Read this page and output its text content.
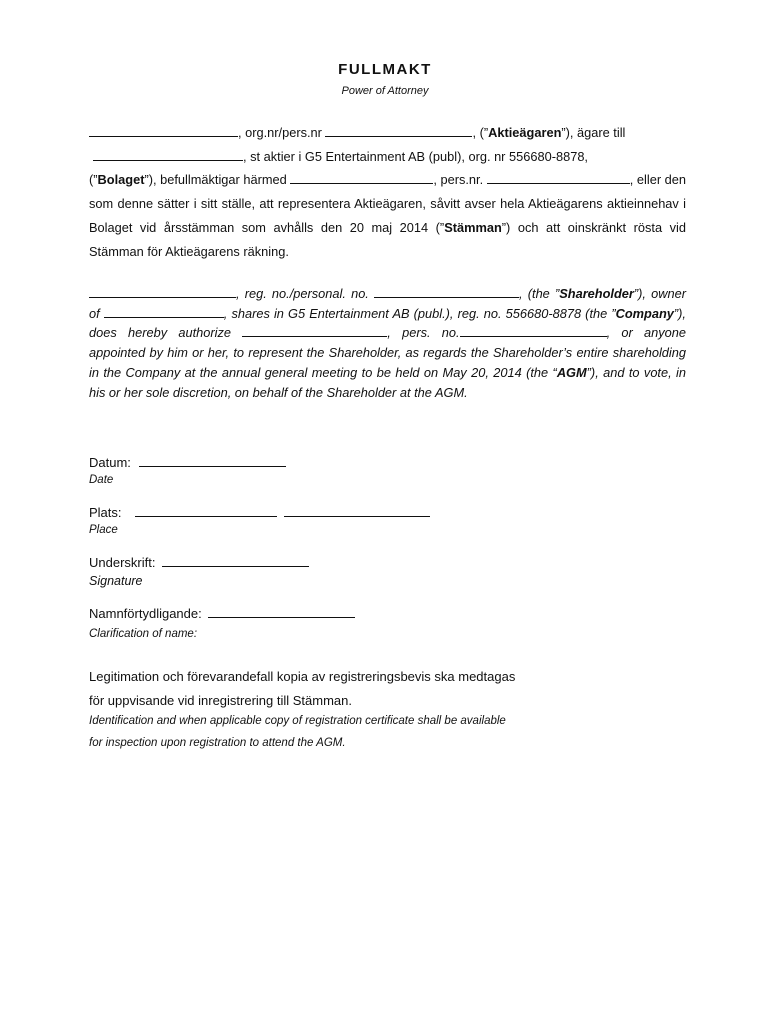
FULLMAKT
Power of Attorney

, org.nr/pers.nr	, (”Aktieägaren”), ägare till
, st aktier i G5 Entertainment AB (publ), org. nr 556680-8878,
(”Bolaget”), befullmäktigar härmed	, pers.nr.	, eller den som denne sätter i sitt ställe, att representera Aktieägaren, såvitt avser hela Aktieägarens aktieinnehav i Bolaget vid årsstämman som avhålls den 20 maj 2014 (”Stämman”) och att oinskränkt rösta vid Stämman för Aktieägarens räkning.

, reg. no./personal. no.	, (the ”Shareholder”), owner of	, shares in G5 Entertainment AB (publ.), reg. no. 556680-8878 (the ”Company”), does hereby authorize	, pers. no.	, or anyone appointed by him or her, to represent the Shareholder, as regards the Shareholder’s entire shareholding in the Company at the annual general meeting to be held on May 20, 2014 (the “AGM”), and to vote, in his or her sole discretion, on behalf of the Shareholder at the AGM.

Datum:
Date
Plats:
Place
Underskrift:
Signature
Namnförtydligande:
Clarification of name:
Legitimation och förevarandefall kopia av registreringsbevis ska medtagas
för uppvisande vid inregistrering till Stämman.
Identification and when applicable copy of registration certificate shall be available
for inspection upon registration to attend the AGM.
